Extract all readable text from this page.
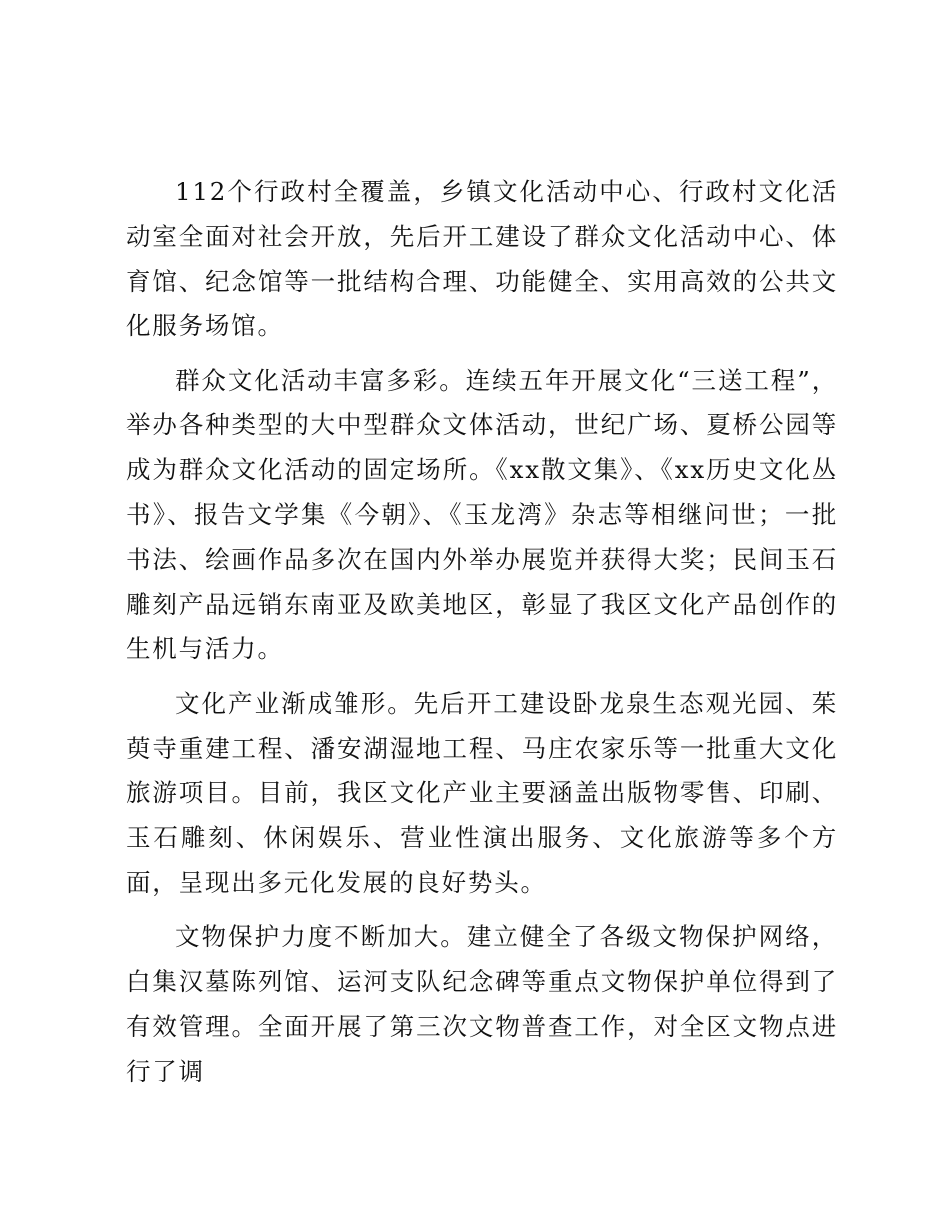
112个行政村全覆盖，乡镇文化活动中心、行政村文化活动室全面对社会开放，先后开工建设了群众文化活动中心、体育馆、纪念馆等一批结构合理、功能健全、实用高效的公共文化服务场馆。

群众文化活动丰富多彩。连续五年开展文化“三送工程”，举办各种类型的大中型群众文体活动，世纪广场、夏桥公园等成为群众文化活动的固定场所。《xx散文集》、《xx历史文化丛书》、报告文学集《今朝》、《玉龙湾》杂志等相继问世；一批书法、绘画作品多次在国内外举办展览并获得大奖；民间玉石雕刻产品远销东南亚及欧美地区，彰显了我区文化产品创作的生机与活力。

文化产业渐成雏形。先后开工建设卧龙泉生态观光园、茱萸寺重建工程、潘安湖湿地工程、马庄农家乐等一批重大文化旅游项目。目前，我区文化产业主要涵盖出版物零售、印刷、玉石雕刻、休闲娱乐、营业性演出服务、文化旅游等多个方面，呈现出多元化发展的良好势头。

文物保护力度不断加大。建立健全了各级文物保护网络，白集汉墓陈列馆、运河支队纪念碑等重点文物保护单位得到了有效管理。全面开展了第三次文物普查工作，对全区文物点进行了调
